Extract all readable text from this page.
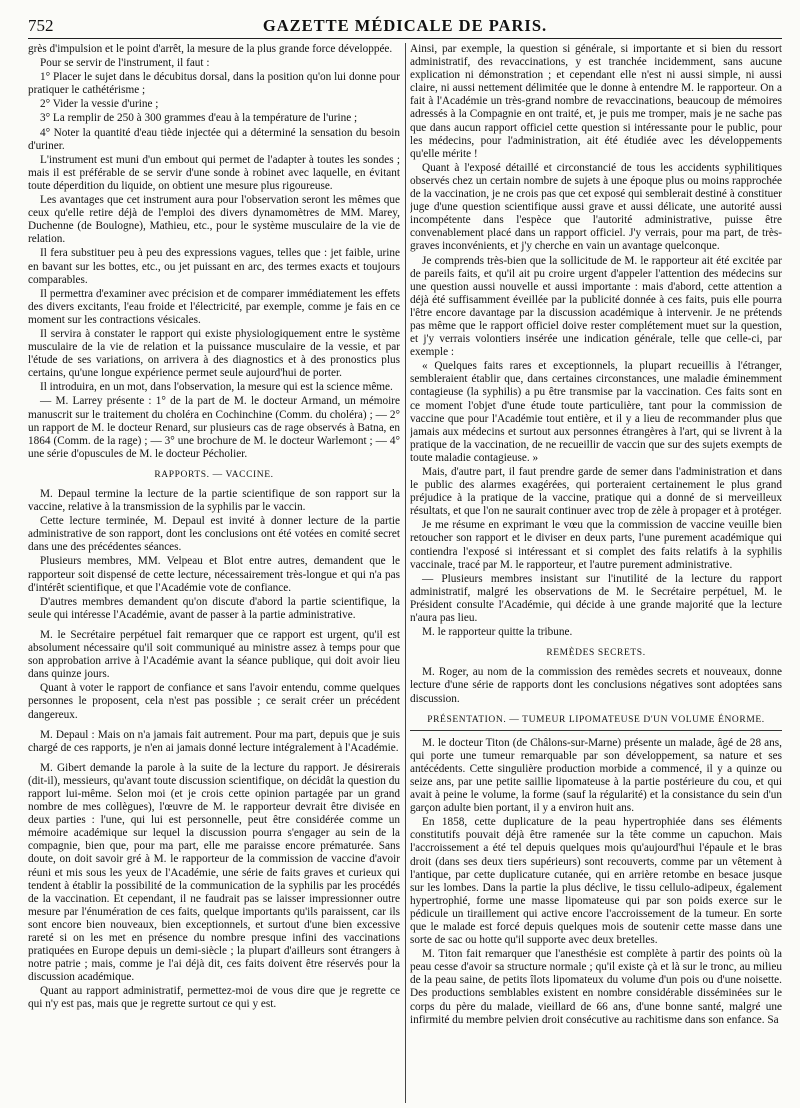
752	GAZETTE MÉDICALE DE PARIS.

grès d'impulsion et le point d'arrêt, la mesure de la plus grande force développée.

Pour se servir de l'instrument, il faut :

1° Placer le sujet dans le décubitus dorsal, dans la position qu'on lui donne pour pratiquer le cathétérisme ;

2° Vider la vessie d'urine ;

3° La remplir de 250 à 300 grammes d'eau à la température de l'urine ;

4° Noter la quantité d'eau tiède injectée qui a déterminé la sensation du besoin d'uriner.

L'instrument est muni d'un embout qui permet de l'adapter à toutes les sondes ; mais il est préférable de se servir d'une sonde à robinet avec laquelle, en évitant toute déperdition du liquide, on obtient une mesure plus rigoureuse.

Les avantages que cet instrument aura pour l'observation seront les mêmes que ceux qu'elle retire déjà de l'emploi des divers dynamomètres de MM. Marey, Duchenne (de Boulogne), Mathieu, etc., pour le système musculaire de la vie de relation.

Il fera substituer peu à peu des expressions vagues, telles que : jet faible, urine en bavant sur les bottes, etc., ou jet puissant en arc, des termes exacts et toujours comparables.

Il permettra d'examiner avec précision et de comparer immédiatement les effets des divers excitants, l'eau froide et l'électricité, par exemple, comme je fais en ce moment sur les contractions vésicales.

Il servira à constater le rapport qui existe physiologiquement entre le système musculaire de la vie de relation et la puissance musculaire de la vessie, et par l'étude de ses variations, on arrivera à des diagnostics et à des pronostics plus certains, qu'une longue expérience permet seule aujourd'hui de porter.

Il introduira, en un mot, dans l'observation, la mesure qui est la science même.

— M. Larrey présente : 1° de la part de M. le docteur Armand, un mémoire manuscrit sur le traitement du choléra en Cochinchine (Comm. du choléra) ; — 2° un rapport de M. le docteur Renard, sur plusieurs cas de rage observés à Batna, en 1864 (Comm. de la rage) ; — 3° une brochure de M. le docteur Warlemont ; — 4° une série d'opuscules de M. le docteur Pécholier.

RAPPORTS. — VACCINE.

M. Depaul termine la lecture de la partie scientifique de son rapport sur la vaccine, relative à la transmission de la syphilis par le vaccin.

Cette lecture terminée, M. Depaul est invité à donner lecture de la partie administrative de son rapport, dont les conclusions ont été votées en comité secret dans une des précédentes séances.

Plusieurs membres, MM. Velpeau et Blot entre autres, demandent que le rapporteur soit dispensé de cette lecture, nécessairement très-longue et qui n'a pas d'intérêt scientifique, et que l'Académie vote de confiance.

D'autres membres demandent qu'on discute d'abord la partie scientifique, la seule qui intéresse l'Académie, avant de passer à la partie administrative.

M. le Secrétaire perpétuel fait remarquer que ce rapport est urgent, qu'il est absolument nécessaire qu'il soit communiqué au ministre assez à temps pour que son approbation arrive à l'Académie avant la séance publique, qui doit avoir lieu dans quinze jours.

Quant à voter le rapport de confiance et sans l'avoir entendu, comme quelques personnes le proposent, cela n'est pas possible ; ce serait créer un précédent dangereux.

M. Depaul : Mais on n'a jamais fait autrement. Pour ma part, depuis que je suis chargé de ces rapports, je n'en ai jamais donné lecture intégralement à l'Académie.

M. Gibert demande la parole à la suite de la lecture du rapport. Je désirerais (dit-il), messieurs, qu'avant toute discussion scientifique, on décidât la question du rapport lui-même. Selon moi (et je crois cette opinion partagée par un grand nombre de mes collègues), l'œuvre de M. le rapporteur devrait être divisée en deux parties : l'une, qui lui est personnelle, peut être considérée comme un mémoire académique sur lequel la discussion pourra s'engager au sein de la compagnie, bien que, pour ma part, elle me paraisse encore prématurée. Sans doute, on doit savoir gré à M. le rapporteur de la commission de vaccine d'avoir réuni et mis sous les yeux de l'Académie, une série de faits graves et curieux qui tendent à établir la possibilité de la communication de la syphilis par les procédés de la vaccination. Et cependant, il ne faudrait pas se laisser impressionner outre mesure par l'énumération de ces faits, quelque importants qu'ils paraissent, car ils sont encore bien nouveaux, bien exceptionnels, et surtout d'une bien excessive rareté si on les met en présence du nombre presque infini des vaccinations pratiquées en Europe depuis un demi-siècle ; la plupart d'ailleurs sont étrangers à notre patrie ; mais, comme je l'ai déjà dit, ces faits doivent être réservés pour la discussion académique.

Quant au rapport administratif, permettez-moi de vous dire que je regrette ce qui n'y est pas, mais que je regrette surtout ce qui y est.

Ainsi, par exemple, la question si générale, si importante et si bien du ressort administratif, des revaccinations, y est tranchée incidemment, sans aucune explication ni démonstration ; et cependant elle n'est ni aussi simple, ni aussi claire, ni aussi nettement délimitée que le donne à entendre M. le rapporteur. On a fait à l'Académie un très-grand nombre de revaccinations, beaucoup de mémoires adressés à la Compagnie en ont traité, et, je puis me tromper, mais je ne sache pas que dans aucun rapport officiel cette question si intéressante pour le public, pour les médecins, pour l'administration, ait été étudiée avec les développements qu'elle mérite !

Quant à l'exposé détaillé et circonstancié de tous les accidents syphilitiques observés chez un certain nombre de sujets à une époque plus ou moins rapprochée de la vaccination, je ne crois pas que cet exposé qui semblerait destiné à constituer juge d'une question scientifique aussi grave et aussi délicate, une autorité aussi incompétente dans l'espèce que l'autorité administrative, puisse être convenablement placé dans un rapport officiel. J'y verrais, pour ma part, de très-graves inconvénients, et j'y cherche en vain un avantage quelconque.

Je comprends très-bien que la sollicitude de M. le rapporteur ait été excitée par de pareils faits, et qu'il ait pu croire urgent d'appeler l'attention des médecins sur une question aussi nouvelle et aussi importante : mais d'abord, cette attention a déjà été suffisamment éveillée par la publicité donnée à ces faits, puis elle pourra l'être encore davantage par la discussion académique à intervenir. Je ne prétends pas même que le rapport officiel doive rester complétement muet sur la question, et j'y verrais volontiers insérée une indication générale, telle que celle-ci, par exemple :

« Quelques faits rares et exceptionnels, la plupart recueillis à l'étranger, sembleraient établir que, dans certaines circonstances, une maladie éminemment contagieuse (la syphilis) a pu être transmise par la vaccination. Ces faits sont en ce moment l'objet d'une étude toute particulière, tant pour la commission de vaccine que pour l'Académie tout entière, et il y a lieu de recommander plus que jamais aux médecins et surtout aux personnes étrangères à l'art, qui se livrent à la pratique de la vaccination, de ne recueillir de vaccin que sur des sujets exempts de toute maladie contagieuse. »

Mais, d'autre part, il faut prendre garde de semer dans l'administration et dans le public des alarmes exagérées, qui porteraient certainement le plus grand préjudice à la pratique de la vaccine, pratique qui a donné de si merveilleux résultats, et que l'on ne saurait continuer avec trop de zèle à propager et à protéger.

Je me résume en exprimant le vœu que la commission de vaccine veuille bien retoucher son rapport et le diviser en deux parts, l'une purement académique qui contiendra l'exposé si intéressant et si complet des faits relatifs à la syphilis vaccinale, tracé par M. le rapporteur, et l'autre purement administrative.

— Plusieurs membres insistant sur l'inutilité de la lecture du rapport administratif, malgré les observations de M. le Secrétaire perpétuel, M. le Président consulte l'Académie, qui décide à une grande majorité que la lecture n'aura pas lieu.

M. le rapporteur quitte la tribune.

REMÈDES SECRETS.

M. Roger, au nom de la commission des remèdes secrets et nouveaux, donne lecture d'une série de rapports dont les conclusions négatives sont adoptées sans discussion.

PRÉSENTATION. — TUMEUR LIPOMATEUSE D'UN VOLUME ÉNORME.

M. le docteur Titon (de Châlons-sur-Marne) présente un malade, âgé de 28 ans, qui porte une tumeur remarquable par son développement, sa nature et ses antécédents. Cette singulière production morbide a commencé, il y a quinze ou seize ans, par une petite saillie lipomateuse à la partie postérieure du cou, et qui avait à peine le volume, la forme (sauf la régularité) et la consistance du sein d'un garçon adulte bien portant, il y a environ huit ans.

En 1858, cette duplicature de la peau hypertrophiée dans ses éléments constitutifs pouvait déjà être ramenée sur la tête comme un capuchon. Mais l'accroissement a été tel depuis quelques mois qu'aujourd'hui l'épaule et le bras droit (dans ses deux tiers supérieurs) sont recouverts, comme par un vêtement à l'antique, par cette duplicature cutanée, qui en arrière retombe en besace jusque sur les lombes. Dans la partie la plus déclive, le tissu cellulo-adipeux, également hypertrophié, forme une masse lipomateuse qui par son poids exerce sur le pédicule un tiraillement qui active encore l'accroissement de la tumeur. En sorte que le malade est forcé depuis quelques mois de soutenir cette masse dans une sorte de sac ou hotte qu'il supporte avec deux bretelles.

M. Titon fait remarquer que l'anesthésie est complète à partir des points où la peau cesse d'avoir sa structure normale ; qu'il existe çà et là sur le tronc, au milieu de la peau saine, de petits îlots lipomateux du volume d'un pois ou d'une noisette. Des productions semblables existent en nombre considérable disséminées sur le corps du père du malade, vieillard de 66 ans, d'une bonne santé, malgré une infirmité du membre pelvien droit consécutive au rachitisme dans son enfance. Sa
